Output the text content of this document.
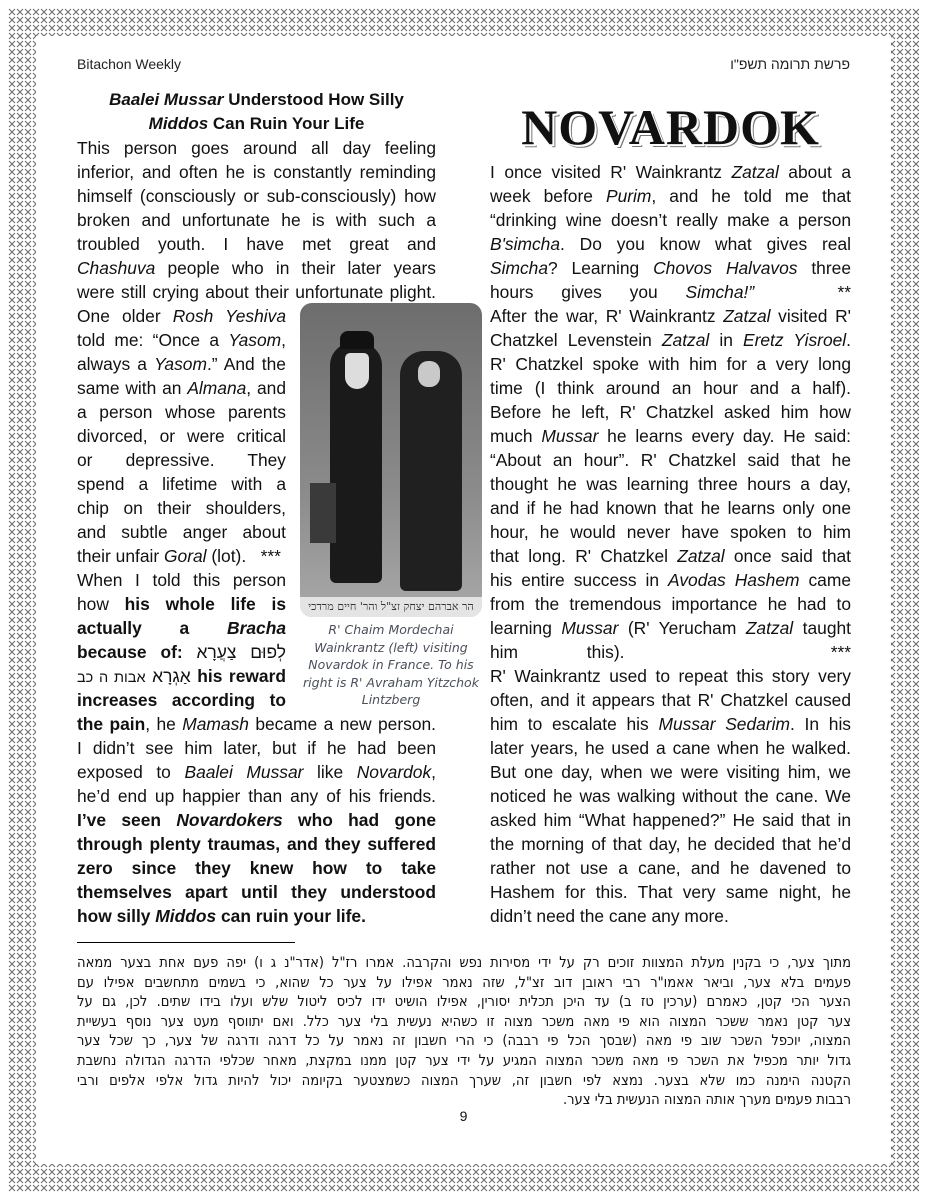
Bitachon Weekly	פרשת תרומה תשפ"ו
Baalei Mussar Understood How Silly
Middos Can Ruin Your Life
This person goes around all day feeling
inferior, and often he is constantly reminding
himself (consciously or sub-consciously) how
broken and unfortunate he is with such a
troubled youth. I have met great and
Chashuva people who in their later years
were still crying about their unfortunate plight.
One older Rosh Yeshiva
told me: “Once a Yasom,
always a Yasom.” And the
same with an Almana, and
a person whose parents
divorced, or were critical
or depressive. They
spend a lifetime with a
chip on their shoulders,
and subtle anger about
their unfair Goral (lot).   ***
When I told this person
how his whole life is
actually a Bracha
because of: לְפוּם צַעֲרָא
אַגְרָא אבות ה כב	his reward
increases according to
the pain, he Mamash became a new person.
I didn’t see him later, but if he had been
exposed to Baalei Mussar like Novardok,
he’d end up happier than any of his friends.
I’ve seen Novardokers who had gone
through plenty traumas, and they suffered
zero since they knew how to take
themselves apart until they understood
how silly Middos can ruin your life.
הר אברהם יצחק זצ"ל והר' חיים מרדכי
R' Chaim Mordechai Wainkrantz (left) visiting Novardok in France. To his right is R' Avraham Yitzchok Lintzberg
NOVARDOK
I once visited R' Wainkrantz Zatzal about a
week before Purim, and he told me that
“drinking wine doesn’t really make a person
B'simcha. Do you know what gives real
Simcha? Learning Chovos Halvavos three
hours gives you Simcha!”   **
After the war, R' Wainkrantz Zatzal visited R'
Chatzkel Levenstein Zatzal in Eretz Yisroel.
R' Chatzkel spoke with him for a very long
time (I think around an hour and a half).
Before he left, R' Chatzkel asked him how
much Mussar he learns every day. He said:
“About an hour”. R' Chatzkel said that he
thought he was learning three hours a day,
and if he had known that he learns only one
hour, he would never have spoken to him
that long. R' Chatzkel Zatzal once said that
his entire success in Avodas Hashem came
from the tremendous importance he had to
learning Mussar (R' Yerucham Zatzal taught
him this).   ***
R' Wainkrantz used to repeat this story very
often, and it appears that R' Chatzkel caused
him to escalate his Mussar Sedarim. In his
later years, he used a cane when he walked.
But one day, when we were visiting him, we
noticed he was walking without the cane. We
asked him “What happened?” He said that in
the morning of that day, he decided that he’d
rather not use a cane, and he davened to
Hashem for this. That very same night, he
didn’t need the cane any more.
מתוך צער, כי בקנין מעלת המצוות זוכים רק על ידי מסירות נפש והקרבה. אמרו רז"ל (אדר"נ ג ו) יפה פעם אחת בצער ממאה
פעמים בלא צער, וביאר אאמו"ר רבי ראובן דוב זצ"ל, שזה נאמר אפילו על צער כל שהוא, כי בשמים מתחשבים אפילו עם
הצער הכי קטן, כאמרם (ערכין טז ב) עד היכן תכלית יסורין, אפילו הושיט ידו לכיס ליטול שלש ועלו בידו שתים. לכן, גם על
צער קטן נאמר ששכר המצוה הוא פי מאה משכר מצוה זו כשהיא נעשית בלי צער כלל. ואם יתווסף מעט צער נוסף בעשיית
המצוה, יוכפל השכר שוב פי מאה (שבסך הכל פי רבבה) כי הרי חשבון זה נאמר על כל דרגה ודרגה של צער, כך שכל צער
גדול יותר מכפיל את השכר פי מאה משכר המצוה המגיע על ידי צער קטן ממנו במקצת, מאחר שכלפי הדרגה הגדולה נחשבת
הקטנה הימנה כמו שלא בצער. נמצא לפי חשבון זה, שערך המצוה כשמצטער בקיומה יכול להיות גדול אלפי אלפים ורבי
רבבות פעמים מערך אותה המצוה הנעשית בלי צער.
9
